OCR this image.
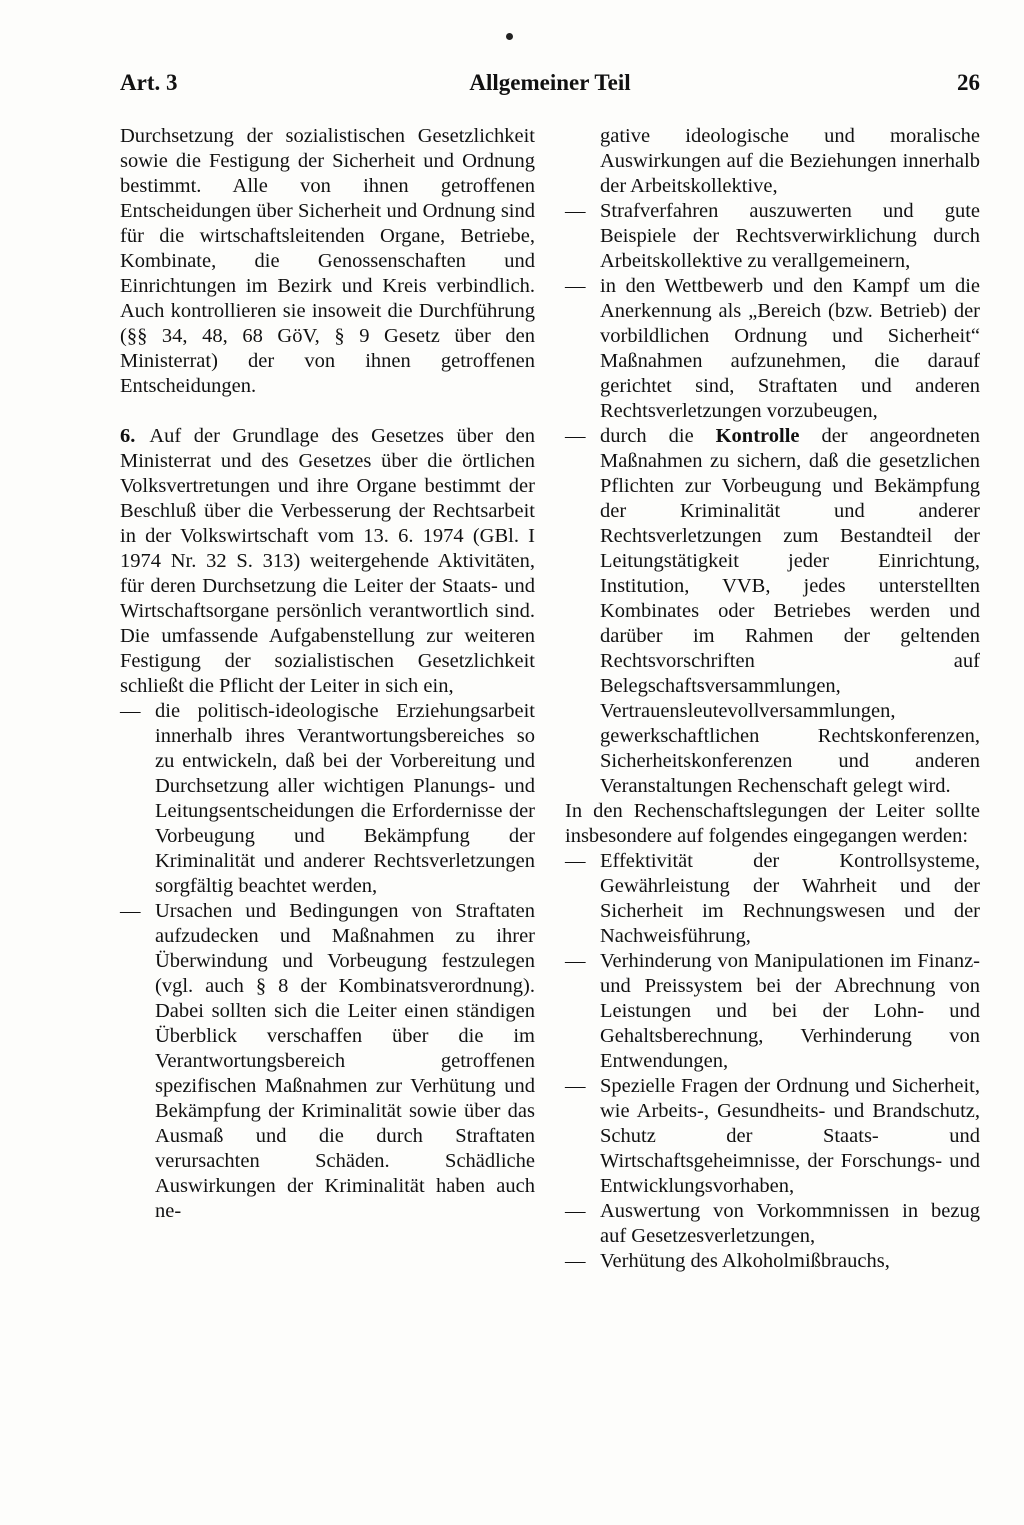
Art. 3	Allgemeiner Teil	26
Durchsetzung der sozialistischen Gesetzlichkeit sowie die Festigung der Sicherheit und Ordnung bestimmt. Alle von ihnen getroffenen Entscheidungen über Sicherheit und Ordnung sind für die wirtschaftsleitenden Organe, Betriebe, Kombinate, die Genossenschaften und Einrichtungen im Bezirk und Kreis verbindlich. Auch kontrollieren sie insoweit die Durchführung (§§ 34, 48, 68 GöV, § 9 Gesetz über den Ministerrat) der von ihnen getroffenen Entscheidungen.
6. Auf der Grundlage des Gesetzes über den Ministerrat und des Gesetzes über die örtlichen Volksvertretungen und ihre Organe bestimmt der Beschluß über die Verbesserung der Rechtsarbeit in der Volkswirtschaft vom 13. 6. 1974 (GBl. I 1974 Nr. 32 S. 313) weitergehende Aktivitäten, für deren Durchsetzung die Leiter der Staats- und Wirtschaftsorgane persönlich verantwortlich sind. Die umfassende Aufgabenstellung zur weiteren Festigung der sozialistischen Gesetzlichkeit schließt die Pflicht der Leiter in sich ein,
— die politisch-ideologische Erziehungsarbeit innerhalb ihres Verantwortungsbereiches so zu entwickeln, daß bei der Vorbereitung und Durchsetzung aller wichtigen Planungs- und Leitungsentscheidungen die Erfordernisse der Vorbeugung und Bekämpfung der Kriminalität und anderer Rechtsverletzungen sorgfältig beachtet werden,
— Ursachen und Bedingungen von Straftaten aufzudecken und Maßnahmen zu ihrer Überwindung und Vorbeugung festzulegen (vgl. auch § 8 der Kombinatsverordnung). Dabei sollten sich die Leiter einen ständigen Überblick verschaffen über die im Verantwortungsbereich getroffenen spezifischen Maßnahmen zur Verhütung und Bekämpfung der Kriminalität sowie über das Ausmaß und die durch Straftaten verursachten Schäden. Schädliche Auswirkungen der Kriminalität haben auch ne-
gative ideologische und moralische Auswirkungen auf die Beziehungen innerhalb der Arbeitskollektive,
— Strafverfahren auszuwerten und gute Beispiele der Rechtsverwirklichung durch Arbeitskollektive zu verallgemeinern,
— in den Wettbewerb und den Kampf um die Anerkennung als „Bereich (bzw. Betrieb) der vorbildlichen Ordnung und Sicherheit“ Maßnahmen aufzunehmen, die darauf gerichtet sind, Straftaten und anderen Rechtsverletzungen vorzubeugen,
— durch die Kontrolle der angeordneten Maßnahmen zu sichern, daß die gesetzlichen Pflichten zur Vorbeugung und Bekämpfung der Kriminalität und anderer Rechtsverletzungen zum Bestandteil der Leitungstätigkeit jeder Einrichtung, Institution, VVB, jedes unterstellten Kombinates oder Betriebes werden und darüber im Rahmen der geltenden Rechtsvorschriften auf Belegschaftsversammlungen, Vertrauensleutevollversammlungen, gewerkschaftlichen Rechtskonferenzen, Sicherheitskonferenzen und anderen Veranstaltungen Rechenschaft gelegt wird.
In den Rechenschaftslegungen der Leiter sollte insbesondere auf folgendes eingegangen werden:
— Effektivität der Kontrollsysteme, Gewährleistung der Wahrheit und der Sicherheit im Rechnungswesen und der Nachweisführung,
— Verhinderung von Manipulationen im Finanz- und Preissystem bei der Abrechnung von Leistungen und bei der Lohn- und Gehaltsberechnung, Verhinderung von Entwendungen,
— Spezielle Fragen der Ordnung und Sicherheit, wie Arbeits-, Gesundheits- und Brandschutz, Schutz der Staats- und Wirtschaftsgeheimnisse, der Forschungs- und Entwicklungsvorhaben,
— Auswertung von Vorkommnissen in bezug auf Gesetzesverletzungen,
— Verhütung des Alkoholmißbrauchs,
